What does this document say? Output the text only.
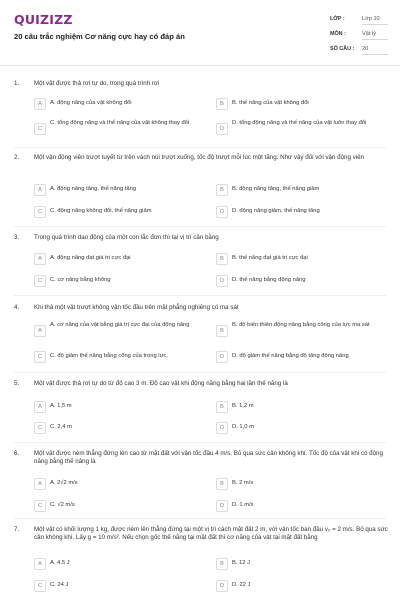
QUIZIZZ
20 câu trắc nghiệm Cơ năng cực hay có đáp án
LỚP :	Lớp 10
MÔN :	Vật lý
SỐ CÂU : 20
1. Một vật được thả rơi tự do, trong quá trình rơi
A	A. động năng của vật không đổi	B	B. thế năng của vật không đổi
C
C. tổng động năng và thế năng của vật không thay đổi
D
D. tổng động năng và thế năng của vật luôn thay đổi
2. Một vận động viên trượt tuyết từ trên vách núi trượt xuống, tốc độ trượt mỗi lúc một tăng. Như vậy đối với vận động viên
A	A. động năng tăng, thế năng tăng	B	B. động năng tăng, thế năng giảm
C	C. động năng không đổi, thế năng giảm	D	D. động năng giảm, thế năng tăng
3. Trong quá trình dao động của một con lắc đơn thì tại vị trí cân bằng
A	A. động năng đạt giá trị cực đại	B	B. thế năng đạt giá trị cực đại
C	C. cơ năng bằng không	D	D. thế năng bằng động năng
4. Khi thả một vật trượt không vận tốc đầu trên mặt phẳng nghiêng có ma sát
A
A. cơ năng của vật bằng giá trị cực đại của động năng
B
B. độ biến thiên động năng bằng công của lực ma sát
C	C. độ giảm thế năng bằng công của trọng lực.	D	D. độ giảm thế năng bằng độ tăng động năng
5. Một vật được thả rơi tự do từ độ cao 3 m. Độ cao vật khi động năng bằng hai lần thế năng là
A	A. 1,5 m	B	B. 1,2 m
C	C. 2,4 m	D	D. 1,0 m
6. Một vật được ném thẳng đứng lên cao từ mặt đất với vận tốc đầu 4 m/s. Bỏ qua sức cản không khí. Tốc độ của vật khi có động năng bằng thế năng là
A	A. 2√2 m/s	B	B. 2 m/s
C	C. √2 m/s	D	D. 1 m/s
7. Một vật có khối lượng 1 kg, được ném lên thẳng đứng tại một vị trí cách mặt đất 2 m, với vận tốc ban đầu v₀ = 2 m/s. Bỏ qua sức cản không khí. Lấy g = 10 m/s². Nếu chọn gốc thế năng tại mặt đất thì cơ năng của vật tại mặt đất bằng
A	A. 4,5 J	B	B. 12 J
C	C. 24 J	D	D. 22 J
